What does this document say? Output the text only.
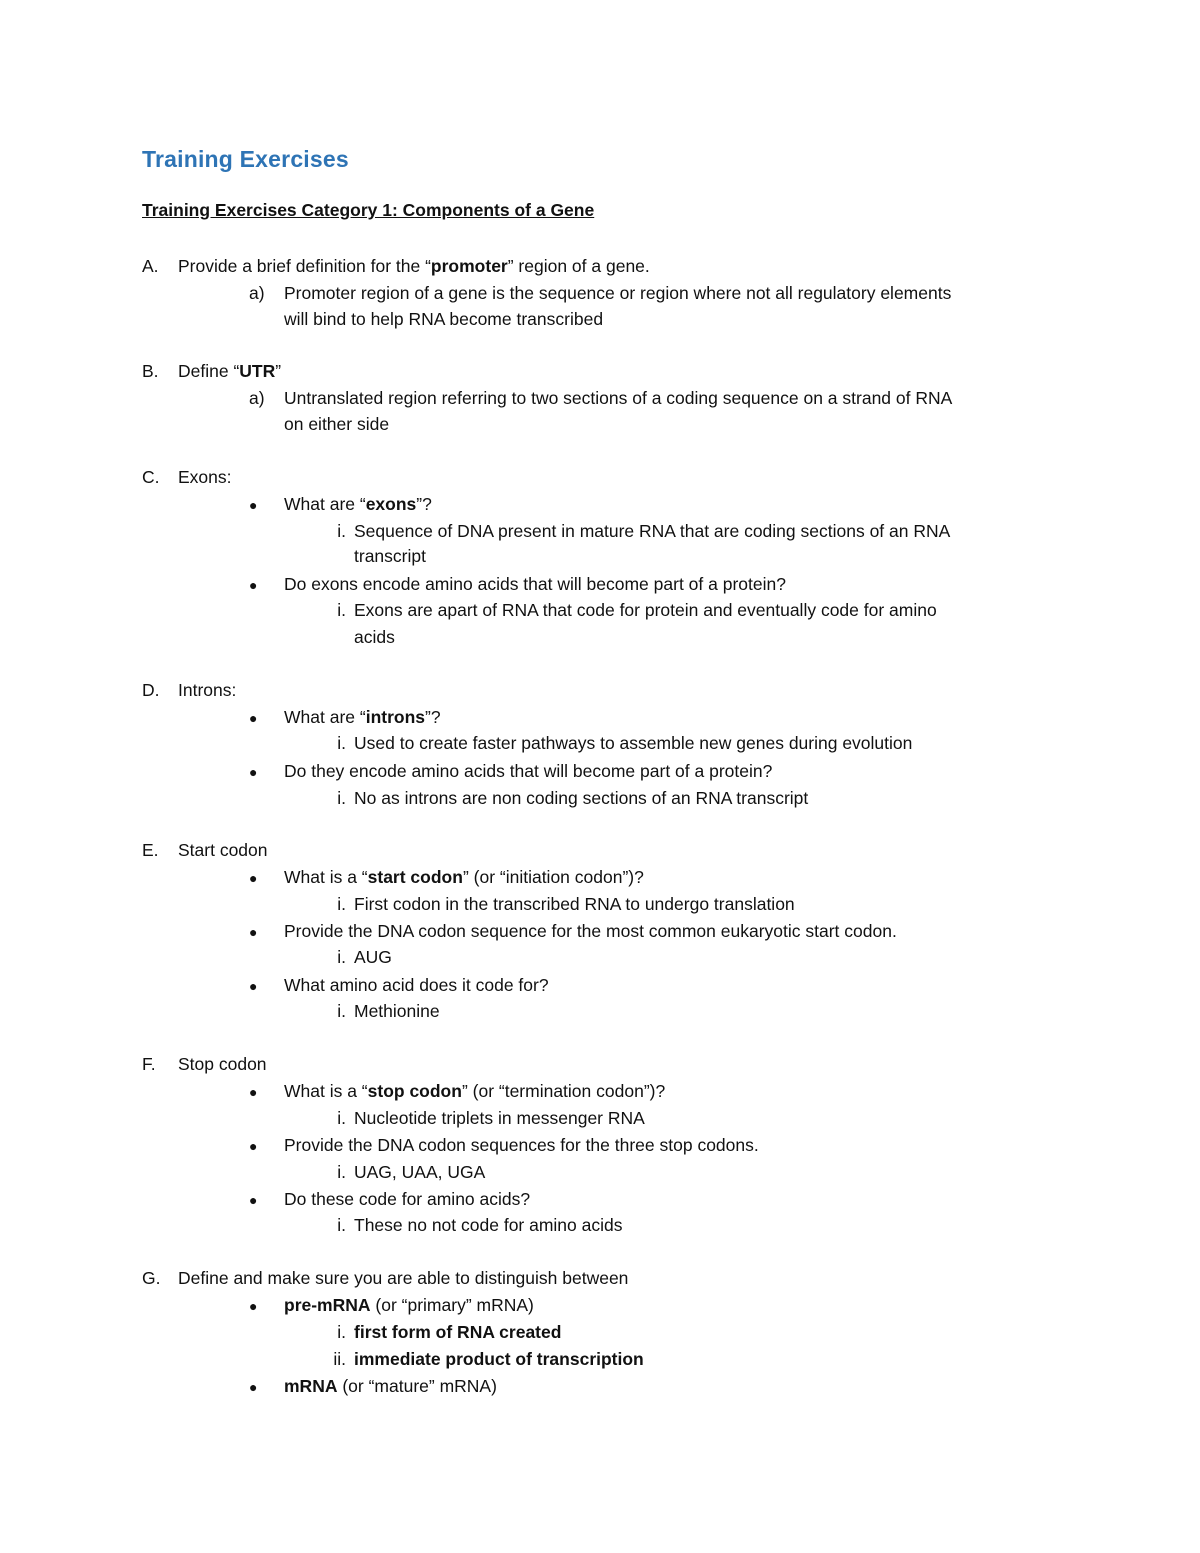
Training Exercises
Training Exercises Category 1: Components of a Gene
A. Provide a brief definition for the “promoter” region of a gene.
a) Promoter region of a gene is the sequence or region where not all regulatory elements
will bind to help RNA become transcribed
B. Define “UTR”
a) Untranslated region referring to two sections of a coding sequence on a strand of RNA
on either side
C. Exons:
● What are “exons”?
i. Sequence of DNA present in mature RNA that are coding sections of an RNA
transcript
● Do exons encode amino acids that will become part of a protein?
i. Exons are apart of RNA that code for protein and eventually code for amino
acids
D. Introns:
● What are “introns”?
i. Used to create faster pathways to assemble new genes during evolution
● Do they encode amino acids that will become part of a protein?
i. No as introns are non coding sections of an RNA transcript
E. Start codon
● What is a “start codon” (or “initiation codon”)?
i. First codon in the transcribed RNA to undergo translation
● Provide the DNA codon sequence for the most common eukaryotic start codon.
i. AUG
● What amino acid does it code for?
i. Methionine
F. Stop codon
● What is a “stop codon” (or “termination codon”)?
i. Nucleotide triplets in messenger RNA
● Provide the DNA codon sequences for the three stop codons.
i. UAG, UAA, UGA
● Do these code for amino acids?
i. These no not code for amino acids
G. Define and make sure you are able to distinguish between
● pre-mRNA (or “primary” mRNA)
i. first form of RNA created
ii. immediate product of transcription
● mRNA (or “mature” mRNA)
